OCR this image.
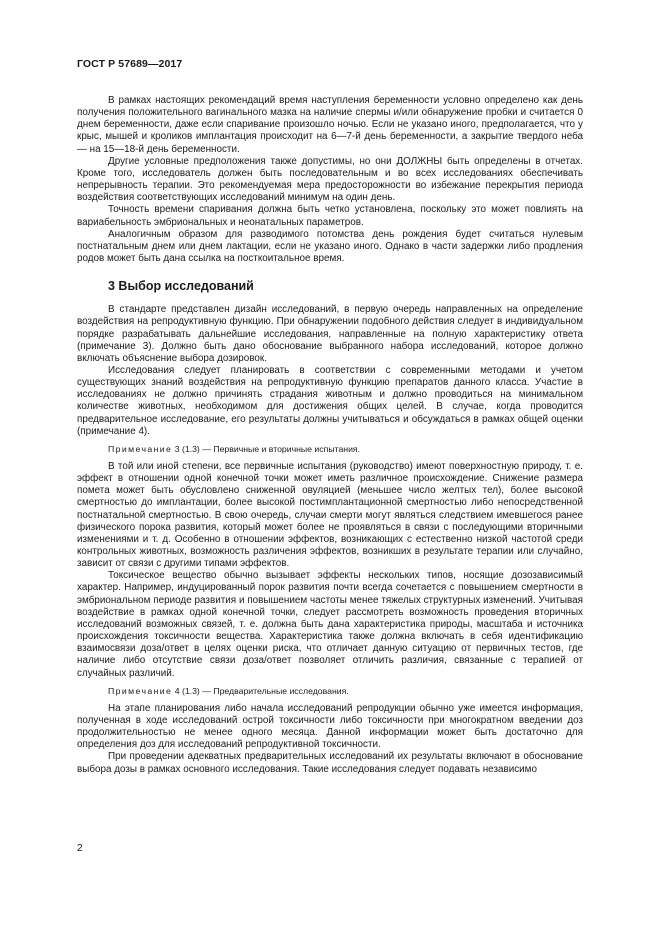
ГОСТ Р 57689—2017

В рамках настоящих рекомендаций время наступления беременности условно определено как день получения положительного вагинального мазка на наличие спермы и/или обнаружение пробки и считается 0 днем беременности, даже если спаривание произошло ночью. Если не указано иного, предполагается, что у крыс, мышей и кроликов имплантация происходит на 6—7-й день беременности, а закрытие твердого неба — на 15—18-й день беременности.

Другие условные предположения также допустимы, но они ДОЛЖНЫ быть определены в отчетах. Кроме того, исследователь должен быть последовательным и во всех исследованиях обеспечивать непрерывность терапии. Это рекомендуемая мера предосторожности во избежание перекрытия периода воздействия соответствующих исследований минимум на один день.

Точность времени спаривания должна быть четко установлена, поскольку это может повлиять на вариабельность эмбриональных и неонатальных параметров.

Аналогичным образом для разводимого потомства день рождения будет считаться нулевым постнатальным днем или днем лактации, если не указано иного. Однако в части задержки либо продления родов может быть дана ссылка на посткоитальное время.

3 Выбор исследований

В стандарте представлен дизайн исследований, в первую очередь направленных на определение воздействия на репродуктивную функцию. При обнаружении подобного действия следует в индивидуальном порядке разрабатывать дальнейшие исследования, направленные на полную характеристику ответа (примечание 3). Должно быть дано обоснование выбранного набора исследований, которое должно включать объяснение выбора дозировок.

Исследования следует планировать в соответствии с современными методами и учетом существующих знаний воздействия на репродуктивную функцию препаратов данного класса. Участие в исследованиях не должно причинять страдания животным и должно проводиться на минимальном количестве животных, необходимом для достижения общих целей. В случае, когда проводится предварительное исследование, его результаты должны учитываться и обсуждаться в рамках общей оценки (примечание 4).

Примечание 3 (1.3) — Первичные и вторичные испытания.

В той или иной степени, все первичные испытания (руководство) имеют поверхностную природу, т. е. эффект в отношении одной конечной точки может иметь различное происхождение. Снижение размера помета может быть обусловлено сниженной овуляцией (меньшее число желтых тел), более высокой смертностью до имплантации, более высокой постимплантационной смертностью либо непосредственной постнатальной смертностью. В свою очередь, случаи смерти могут являться следствием имевшегося ранее физического порока развития, который может более не проявляться в связи с последующими вторичными изменениями и т. д. Особенно в отношении эффектов, возникающих с естественно низкой частотой среди контрольных животных, возможность различения эффектов, возникших в результате терапии или случайно, зависит от связи с другими типами эффектов.

Токсическое вещество обычно вызывает эффекты нескольких типов, носящие дозозависимый характер. Например, индуцированный порок развития почти всегда сочетается с повышением смертности в эмбриональном периоде развития и повышением частоты менее тяжелых структурных изменений. Учитывая воздействие в рамках одной конечной точки, следует рассмотреть возможность проведения вторичных исследований возможных связей, т. е. должна быть дана характеристика природы, масштаба и источника происхождения токсичности вещества. Характеристика также должна включать в себя идентификацию взаимосвязи доза/ответ в целях оценки риска, что отличает данную ситуацию от первичных тестов, где наличие либо отсутствие связи доза/ответ позволяет отличить различия, связанные с терапией от случайных различий.

Примечание 4 (1.3) — Предварительные исследования.

На этапе планирования либо начала исследований репродукции обычно уже имеется информация, полученная в ходе исследований острой токсичности либо токсичности при многократном введении доз продолжительностью не менее одного месяца. Данной информации может быть достаточно для определения доз для исследований репродуктивной токсичности.

При проведении адекватных предварительных исследований их результаты включают в обоснование выбора дозы в рамках основного исследования. Такие исследования следует подавать независимо

2
